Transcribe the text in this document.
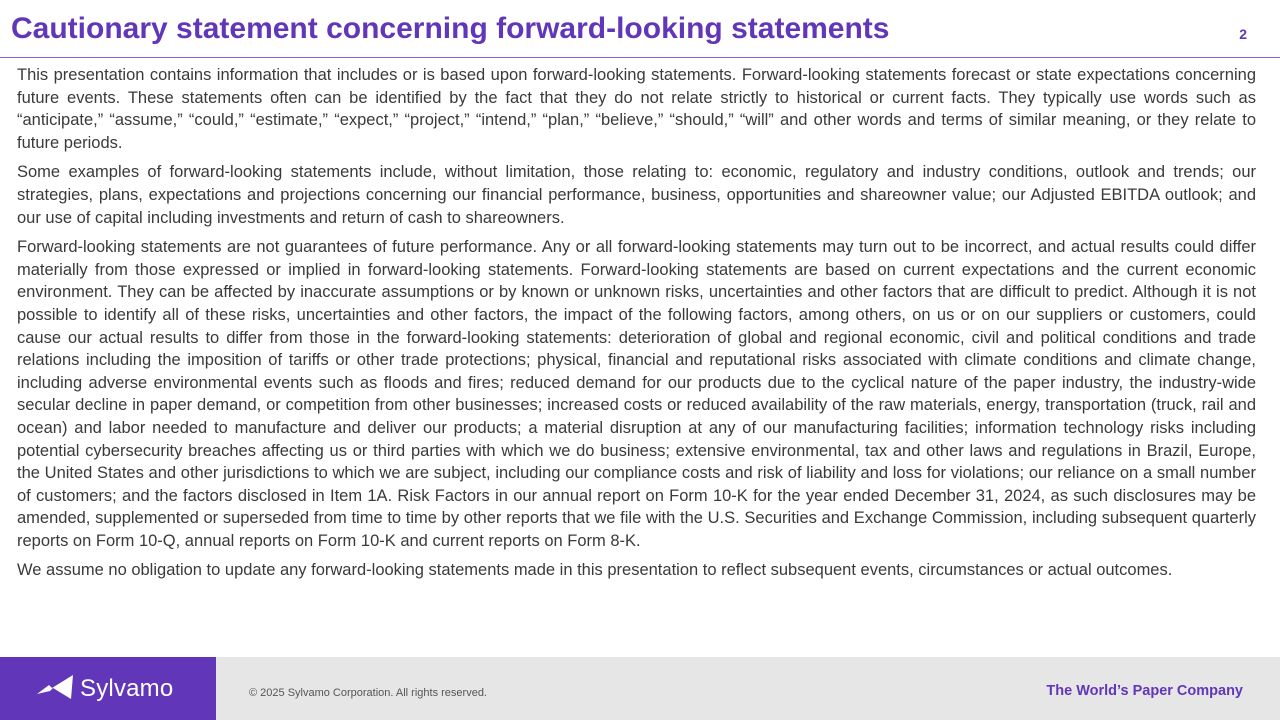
Cautionary statement concerning forward-looking statements	2

This presentation contains information that includes or is based upon forward-looking statements. Forward-looking statements forecast or state expectations concerning future events. These statements often can be identified by the fact that they do not relate strictly to historical or current facts. They typically use words such as “anticipate,” “assume,” “could,” “estimate,” “expect,” “project,” “intend,” “plan,” “believe,” “should,” “will” and other words and terms of similar meaning, or they relate to future periods.

Some examples of forward-looking statements include, without limitation, those relating to: economic, regulatory and industry conditions, outlook and trends; our strategies, plans, expectations and projections concerning our financial performance, business, opportunities and shareowner value; our Adjusted EBITDA outlook; and our use of capital including investments and return of cash to shareowners.

Forward-looking statements are not guarantees of future performance. Any or all forward-looking statements may turn out to be incorrect, and actual results could differ materially from those expressed or implied in forward-looking statements. Forward-looking statements are based on current expectations and the current economic environment. They can be affected by inaccurate assumptions or by known or unknown risks, uncertainties and other factors that are difficult to predict. Although it is not possible to identify all of these risks, uncertainties and other factors, the impact of the following factors, among others, on us or on our suppliers or customers, could cause our actual results to differ from those in the forward-looking statements: deterioration of global and regional economic, civil and political conditions and trade relations including the imposition of tariffs or other trade protections; physical, financial and reputational risks associated with climate conditions and climate change, including adverse environmental events such as floods and fires; reduced demand for our products due to the cyclical nature of the paper industry, the industry-wide secular decline in paper demand, or competition from other businesses; increased costs or reduced availability of the raw materials, energy, transportation (truck, rail and ocean) and labor needed to manufacture and deliver our products; a material disruption at any of our manufacturing facilities; information technology risks including potential cybersecurity breaches affecting us or third parties with which we do business; extensive environmental, tax and other laws and regulations in Brazil, Europe, the United States and other jurisdictions to which we are subject, including our compliance costs and risk of liability and loss for violations; our reliance on a small number of customers; and the factors disclosed in Item 1A. Risk Factors in our annual report on Form 10-K for the year ended December 31, 2024, as such disclosures may be amended, supplemented or superseded from time to time by other reports that we file with the U.S. Securities and Exchange Commission, including subsequent quarterly reports on Form 10-Q, annual reports on Form 10-K and current reports on Form 8-K.

We assume no obligation to update any forward-looking statements made in this presentation to reflect subsequent events, circumstances or actual outcomes.

Sylvamo	© 2025 Sylvamo Corporation. All rights reserved.	The World’s Paper Company
